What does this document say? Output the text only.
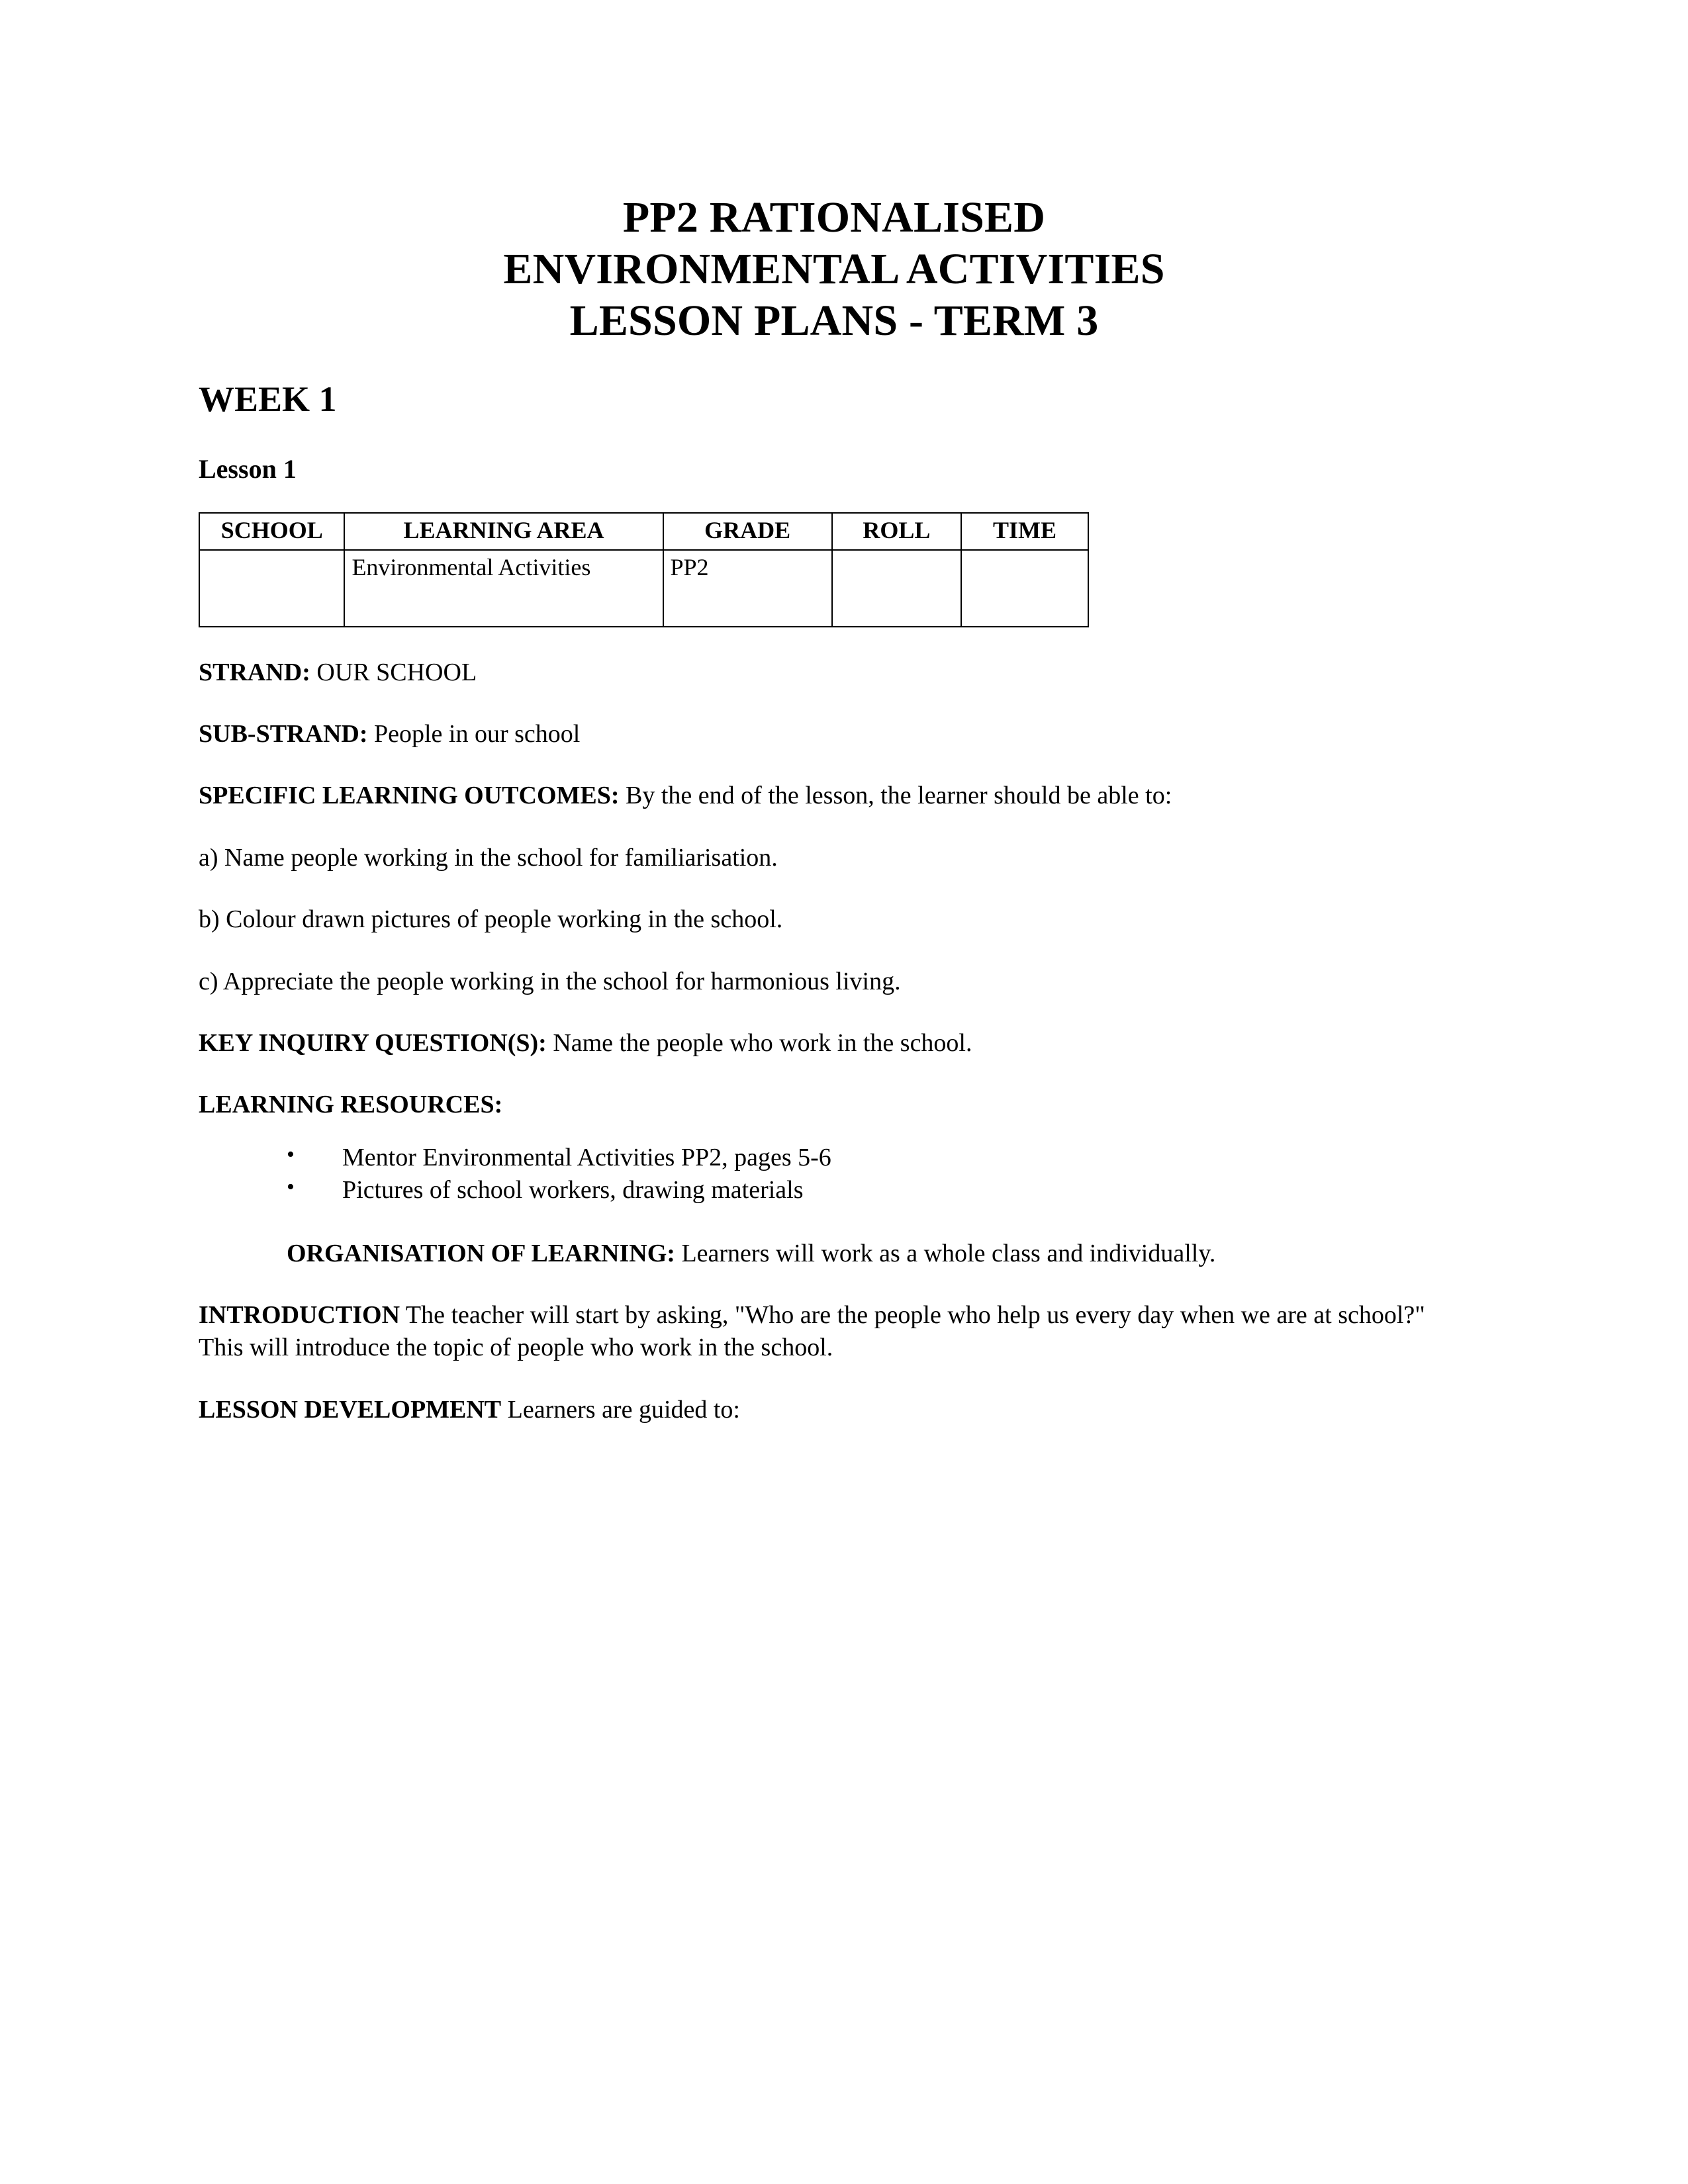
PP2 RATIONALISED
ENVIRONMENTAL ACTIVITIES
LESSON PLANS - TERM 3
WEEK 1
Lesson 1
SCHOOL	LEARNING AREA	GRADE	ROLL	TIME
	Environmental Activities	PP2		

STRAND: OUR SCHOOL

SUB-STRAND: People in our school

SPECIFIC LEARNING OUTCOMES: By the end of the lesson, the learner should be able to:

a) Name people working in the school for familiarisation.

b) Colour drawn pictures of people working in the school.

c) Appreciate the people working in the school for harmonious living.

KEY INQUIRY QUESTION(S): Name the people who work in the school.

LEARNING RESOURCES:

• Mentor Environmental Activities PP2, pages 5-6
• Pictures of school workers, drawing materials

ORGANISATION OF LEARNING: Learners will work as a whole class and individually.

INTRODUCTION The teacher will start by asking, "Who are the people who help us every day when we are at school?" This will introduce the topic of people who work in the school.

LESSON DEVELOPMENT Learners are guided to:
